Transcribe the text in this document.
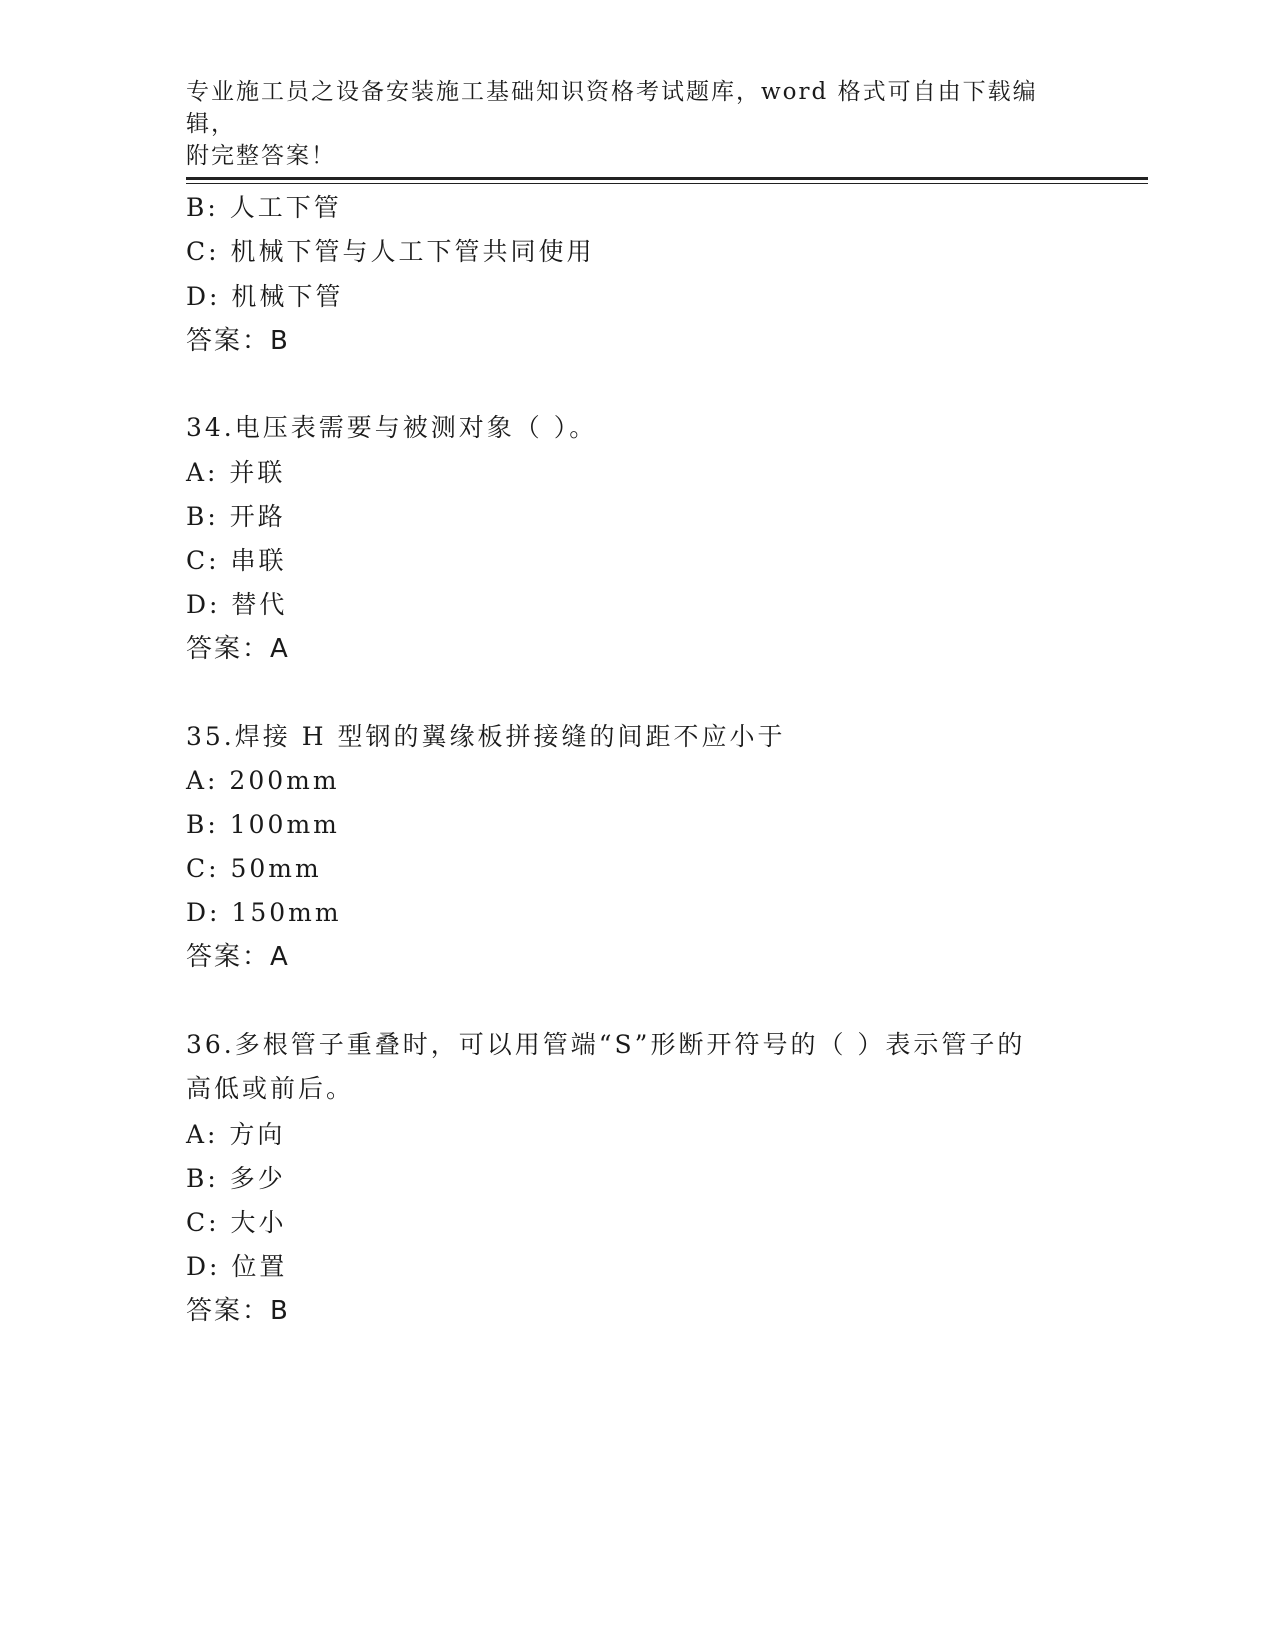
专业施工员之设备安装施工基础知识资格考试题库，word 格式可自由下载编辑，
附完整答案！
B: 人工下管
C: 机械下管与人工下管共同使用
D: 机械下管
答案：B
34.电压表需要与被测对象（ ）。
A: 并联
B: 开路
C: 串联
D: 替代
答案：A
35.焊接 H 型钢的翼缘板拼接缝的间距不应小于
A: 200mm
B: 100mm
C: 50mm
D: 150mm
答案：A
36.多根管子重叠时，可以用管端“S”形断开符号的（ ）表示管子的
高低或前后。
A: 方向
B: 多少
C: 大小
D: 位置
答案：B
